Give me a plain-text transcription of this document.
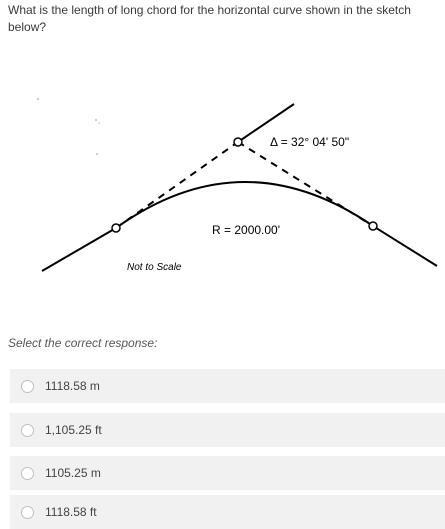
What is the length of long chord for the horizontal curve shown in the sketch below?

Δ = 32° 04' 50"
R = 2000.00'
Not to Scale
Select the correct response:
1118.58 m
1,105.25 ft
1105.25 m
1118.58 ft
